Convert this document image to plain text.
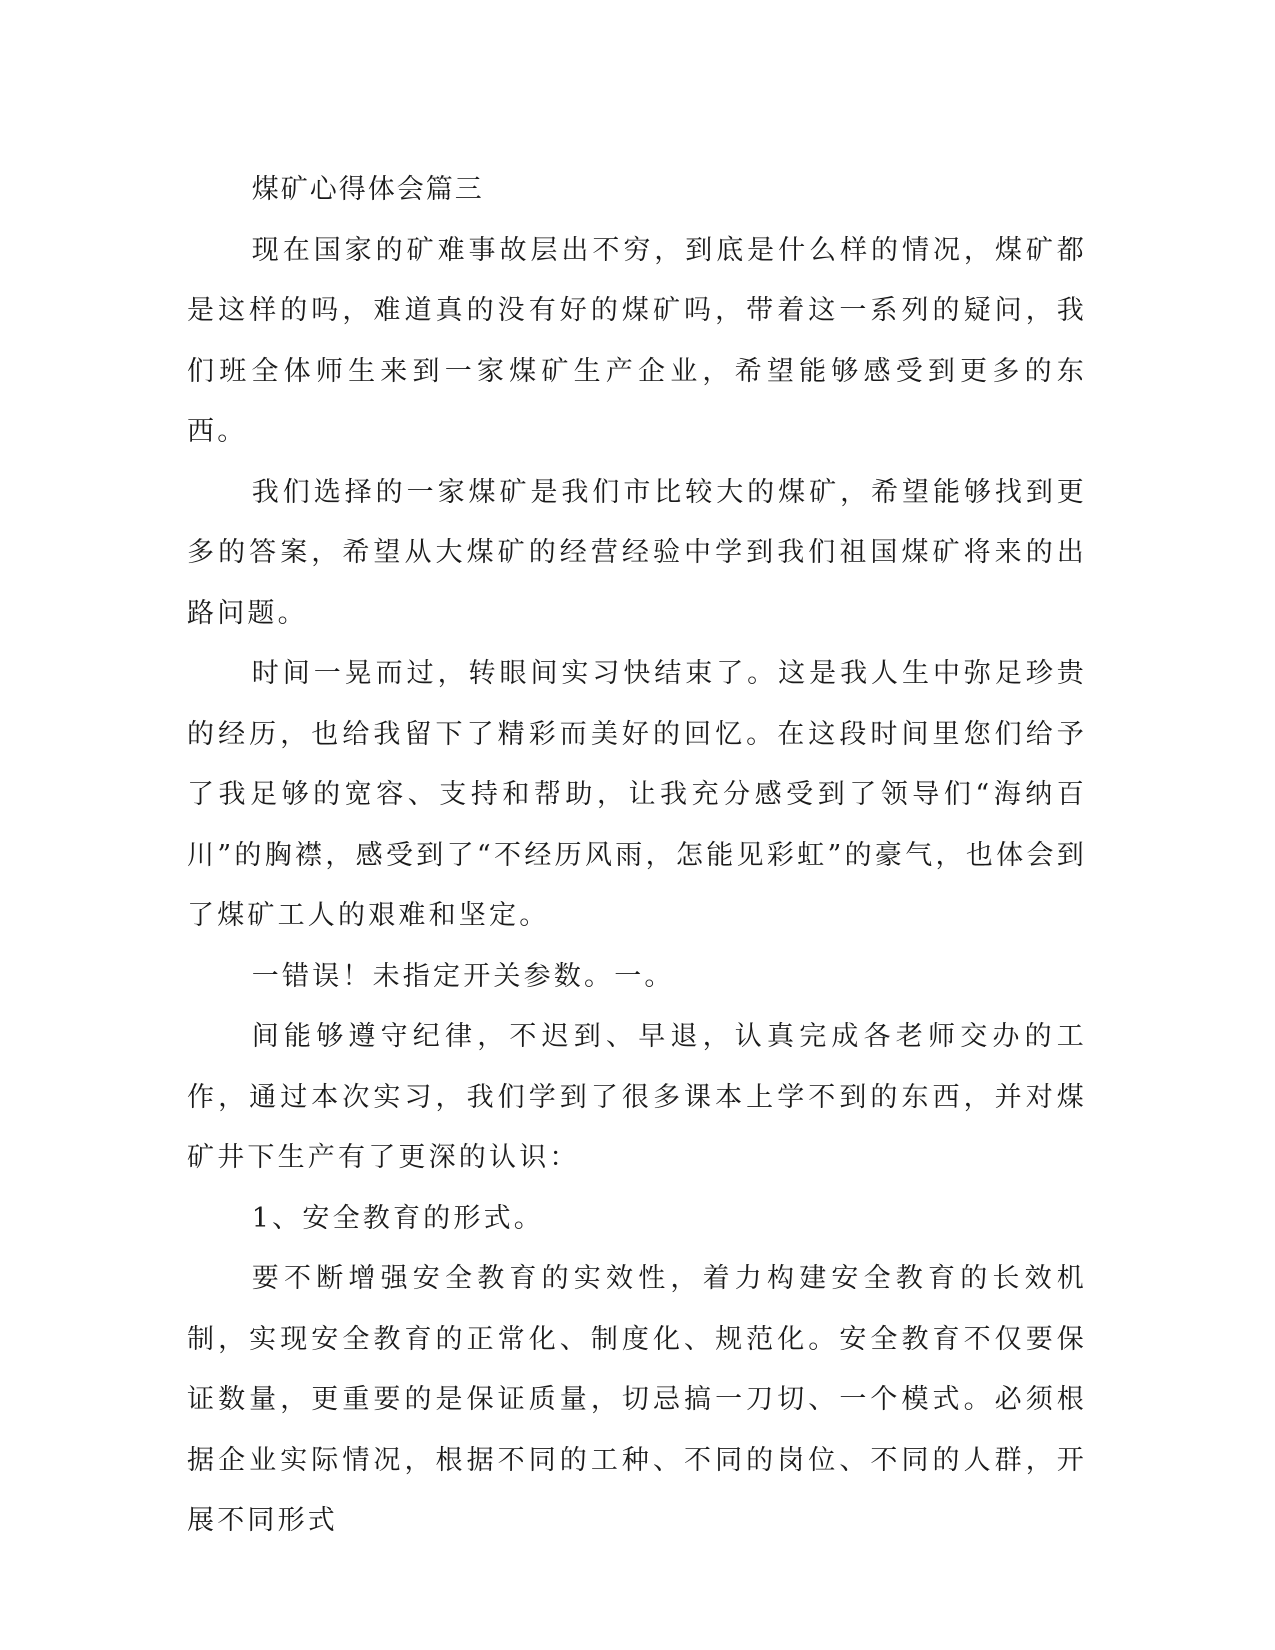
煤矿心得体会篇三

现在国家的矿难事故层出不穷，到底是什么样的情况，煤矿都是这样的吗，难道真的没有好的煤矿吗，带着这一系列的疑问，我们班全体师生来到一家煤矿生产企业，希望能够感受到更多的东西。

我们选择的一家煤矿是我们市比较大的煤矿，希望能够找到更多的答案，希望从大煤矿的经营经验中学到我们祖国煤矿将来的出路问题。

时间一晃而过，转眼间实习快结束了。这是我人生中弥足珍贵的经历，也给我留下了精彩而美好的回忆。在这段时间里您们给予了我足够的宽容、支持和帮助，让我充分感受到了领导们“海纳百川”的胸襟，感受到了“不经历风雨，怎能见彩虹”的豪气，也体会到了煤矿工人的艰难和坚定。

一错误！未指定开关参数。一。

间能够遵守纪律，不迟到、早退，认真完成各老师交办的工作，通过本次实习，我们学到了很多课本上学不到的东西，并对煤矿井下生产有了更深的认识：

1、安全教育的形式。

要不断增强安全教育的实效性，着力构建安全教育的长效机制，实现安全教育的正常化、制度化、规范化。安全教育不仅要保证数量，更重要的是保证质量，切忌搞一刀切、一个模式。必须根据企业实际情况，根据不同的工种、不同的岗位、不同的人群，开展不同形式
